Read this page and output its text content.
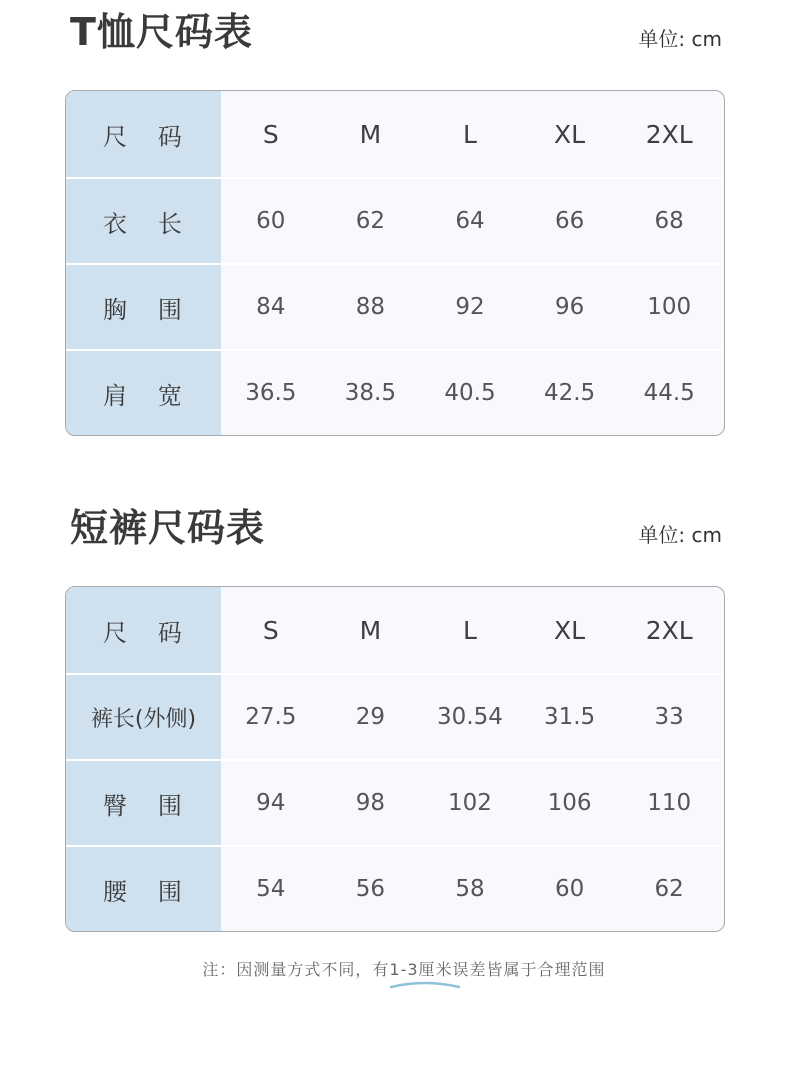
T恤尺码表	单位: cm
尺   码	S	M	L	XL	2XL
衣   长	60	62	64	66	68
胸   围	84	88	92	96	100
肩   宽	36.5	38.5	40.5	42.5	44.5
短裤尺码表	单位: cm
尺   码	S	M	L	XL	2XL
裤长(外侧)	27.5	29	30.54	31.5	33
臀   围	94	98	102	106	110
腰   围	54	56	58	60	62
注：因测量方式不同，有1-3厘米误差皆属于合理范围
